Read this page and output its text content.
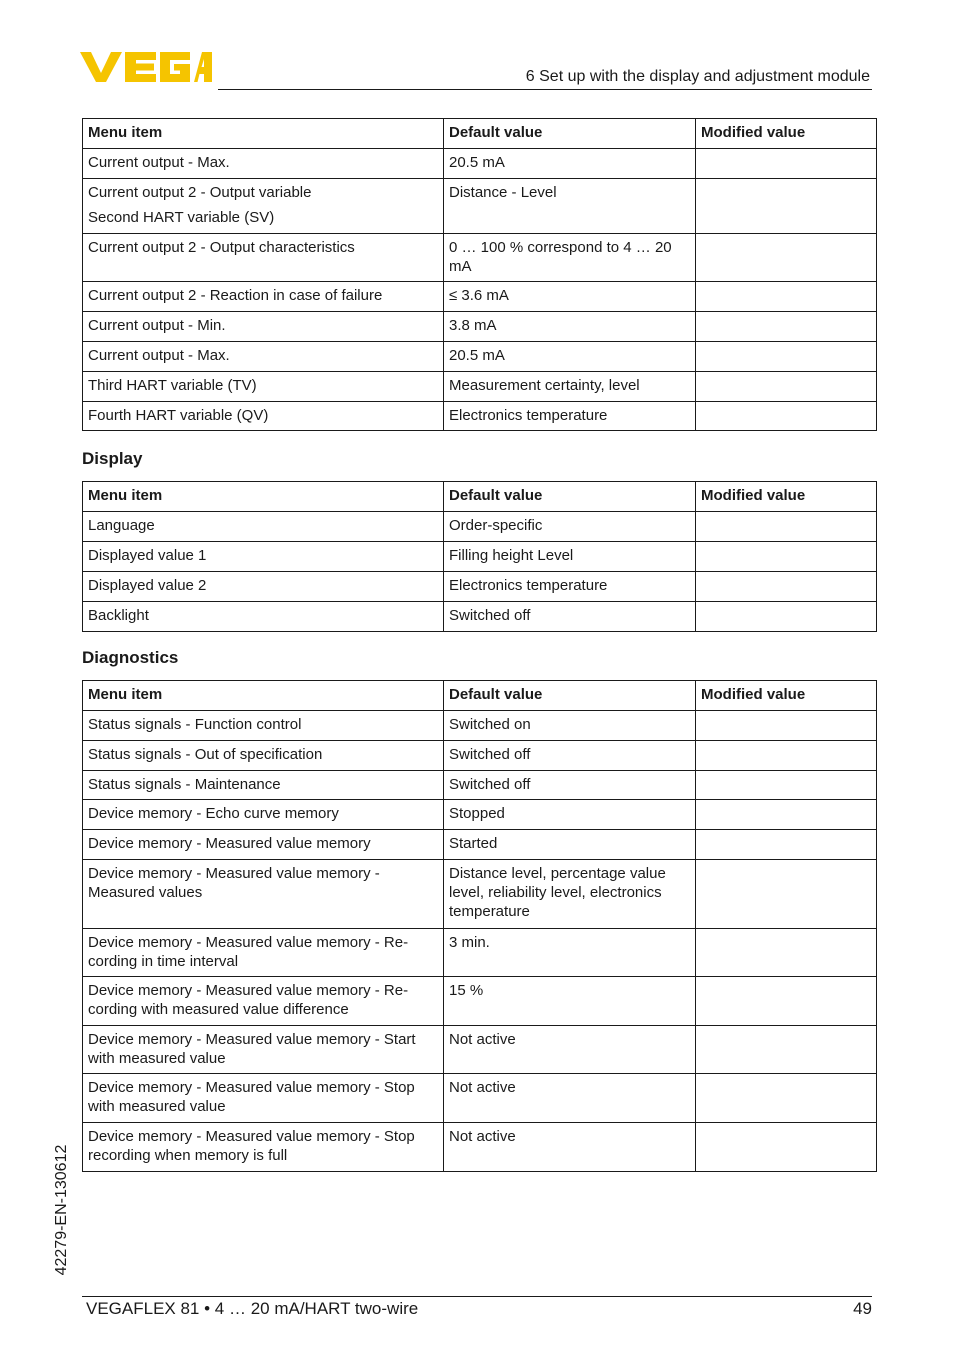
6 Set up with the display and adjustment module
Menu item	Default value	Modified value

Current output - Max.	20.5 mA	

Current output 2 - Output variable
Second HART variable (SV)	Distance - Level	

Current output 2 - Output characteristics	0 … 100 % correspond to 4 … 20 mA	

Current output 2 - Reaction in case of failure	≤ 3.6 mA	

Current output - Min.	3.8 mA	

Current output - Max.	20.5 mA	

Third HART variable (TV)	Measurement certainty, level	

Fourth HART variable (QV)	Electronics temperature	

Display
Menu item	Default value	Modified value

Language	Order-specific	

Displayed value 1	Filling height Level	

Displayed value 2	Electronics temperature	

Backlight	Switched off	

Diagnostics
Menu item	Default value	Modified value

Status signals - Function control	Switched on	

Status signals - Out of specification	Switched off	

Status signals - Maintenance	Switched off	

Device memory - Echo curve memory	Stopped	

Device memory - Measured value memory	Started	

Device memory - Measured value memory - Measured values	Distance level, percentage value level, reliability level, electronics temperature	

Device memory - Measured value memory - Re-cording in time interval	3 min.	

Device memory - Measured value memory - Re-cording with measured value difference	15 %	

Device memory - Measured value memory - Start with measured value	Not active	

Device memory - Measured value memory - Stop with measured value	Not active	

Device memory - Measured value memory - Stop recording when memory is full	Not active	

42279-EN-130612
VEGAFLEX 81 • 4 … 20 mA/HART two-wire	49
